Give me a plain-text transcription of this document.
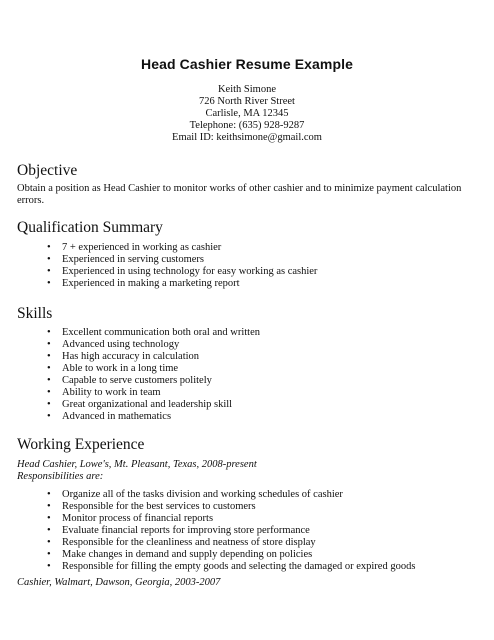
Head Cashier Resume Example
Keith Simone
726 North River Street
Carlisle, MA 12345
Telephone: (635) 928-9287
Email ID: keithsimone@gmail.com
Objective
Obtain a position as Head Cashier to monitor works of other cashier and to minimize payment calculation errors.
Qualification Summary
• 7 + experienced in working as cashier
• Experienced in serving customers
• Experienced in using technology for easy working as cashier
• Experienced in making a marketing report
Skills
• Excellent communication both oral and written
• Advanced using technology
• Has high accuracy in calculation
• Able to work in a long time
• Capable to serve customers politely
• Ability to work in team
• Great organizational and leadership skill
• Advanced in mathematics
Working Experience
Head Cashier, Lowe's, Mt. Pleasant, Texas, 2008-present
Responsibilities are:
• Organize all of the tasks division and working schedules of cashier
• Responsible for the best services to customers
• Monitor process of financial reports
• Evaluate financial reports for improving store performance
• Responsible for the cleanliness and neatness of store display
• Make changes in demand and supply depending on policies
• Responsible for filling the empty goods and selecting the damaged or expired goods
Cashier, Walmart, Dawson, Georgia, 2003-2007
